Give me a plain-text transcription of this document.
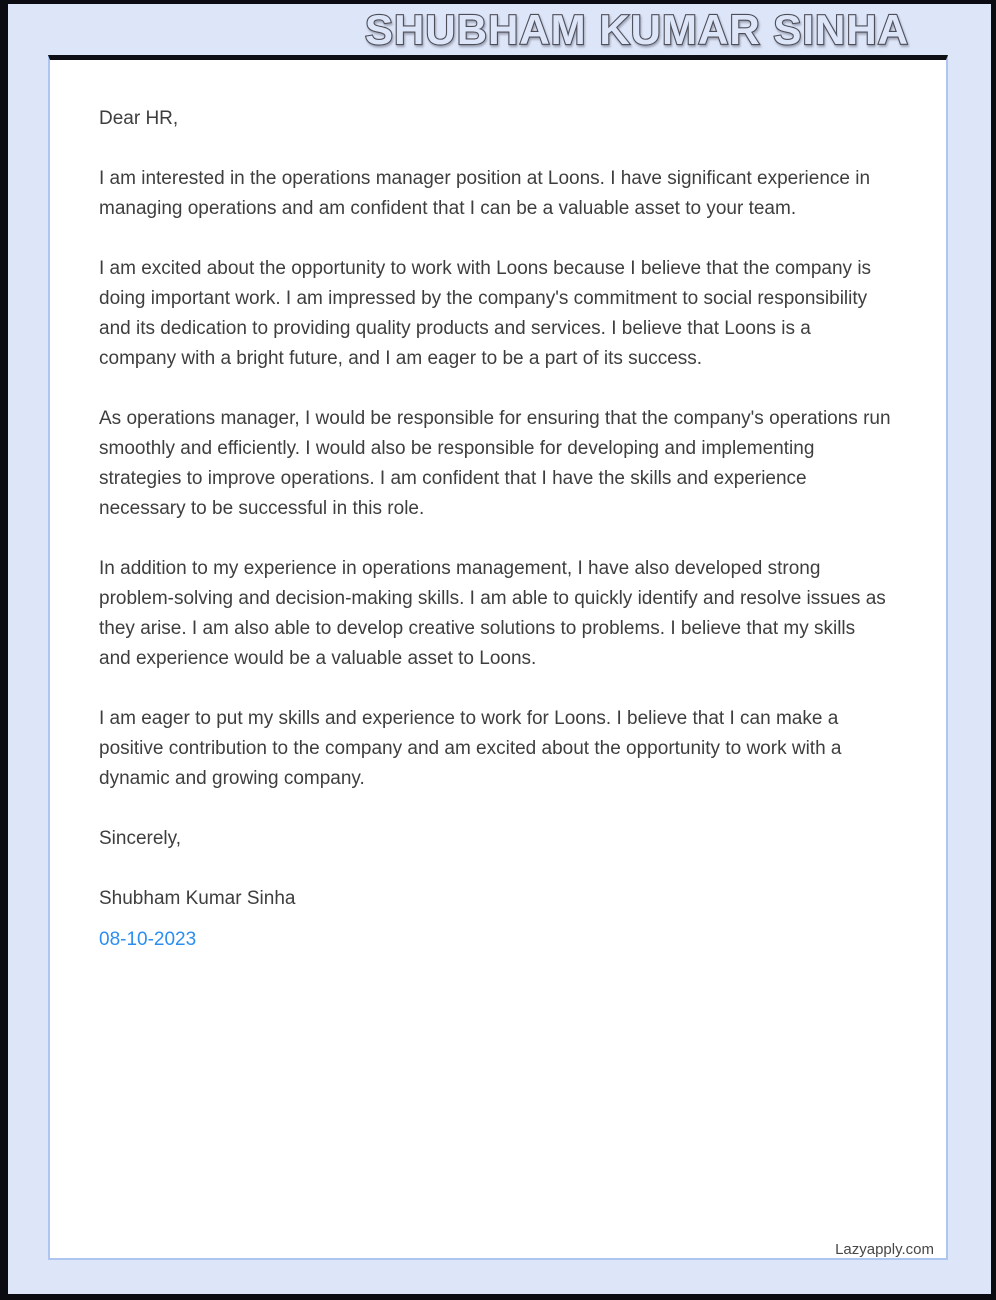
SHUBHAM KUMAR SINHA

Dear HR,

I am interested in the operations manager position at Loons. I have significant experience in managing operations and am confident that I can be a valuable asset to your team.

I am excited about the opportunity to work with Loons because I believe that the company is doing important work. I am impressed by the company's commitment to social responsibility and its dedication to providing quality products and services. I believe that Loons is a company with a bright future, and I am eager to be a part of its success.

As operations manager, I would be responsible for ensuring that the company's operations run smoothly and efficiently. I would also be responsible for developing and implementing strategies to improve operations. I am confident that I have the skills and experience necessary to be successful in this role.

In addition to my experience in operations management, I have also developed strong problem-solving and decision-making skills. I am able to quickly identify and resolve issues as they arise. I am also able to develop creative solutions to problems. I believe that my skills and experience would be a valuable asset to Loons.

I am eager to put my skills and experience to work for Loons. I believe that I can make a positive contribution to the company and am excited about the opportunity to work with a dynamic and growing company.

Sincerely,

Shubham Kumar Sinha

08-10-2023

Lazyapply.com
